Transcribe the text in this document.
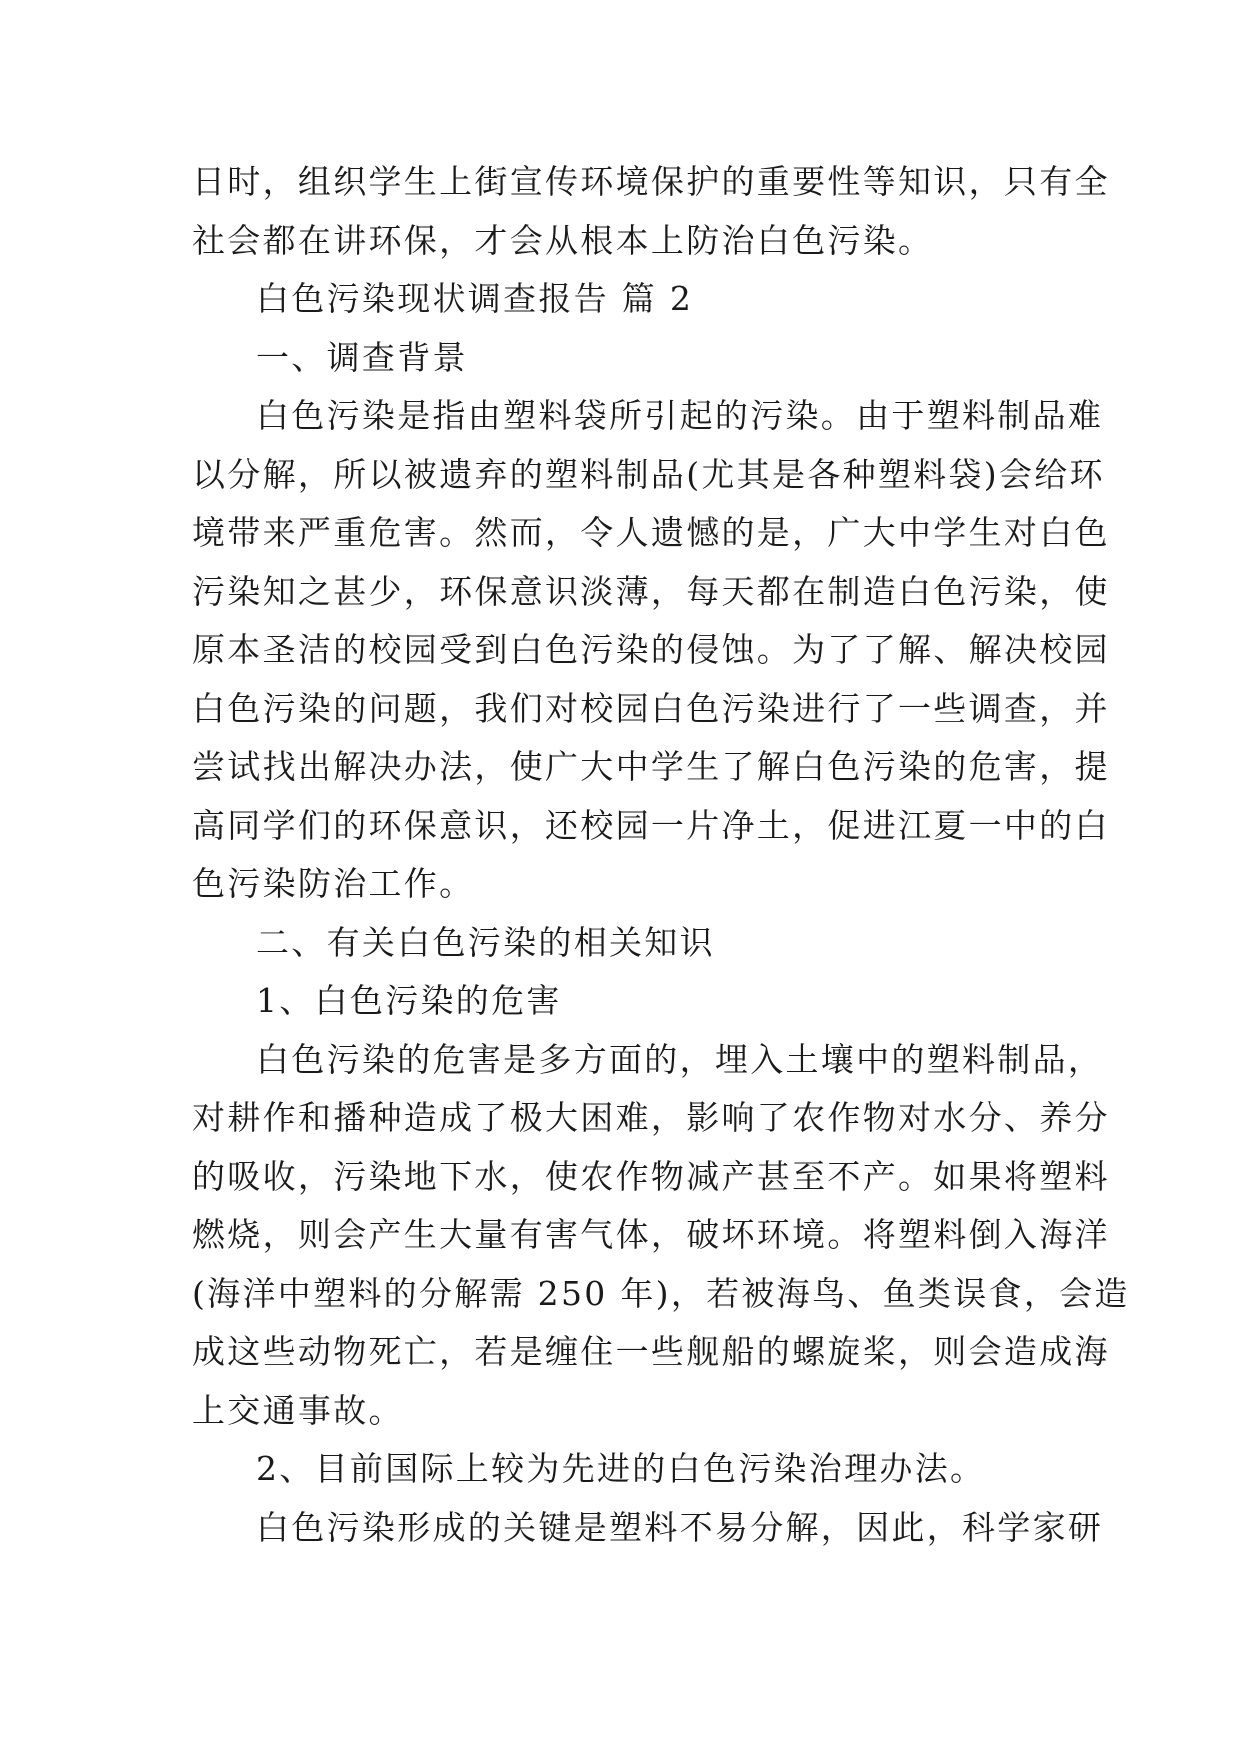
日时，组织学生上街宣传环境保护的重要性等知识，只有全
社会都在讲环保，才会从根本上防治白色污染。
白色污染现状调查报告 篇 2
一、调查背景
白色污染是指由塑料袋所引起的污染。由于塑料制品难
以分解，所以被遗弃的塑料制品(尤其是各种塑料袋)会给环
境带来严重危害。然而，令人遗憾的是，广大中学生对白色
污染知之甚少，环保意识淡薄，每天都在制造白色污染，使
原本圣洁的校园受到白色污染的侵蚀。为了了解、解决校园
白色污染的问题，我们对校园白色污染进行了一些调查，并
尝试找出解决办法，使广大中学生了解白色污染的危害，提
高同学们的环保意识，还校园一片净土，促进江夏一中的白
色污染防治工作。
二、有关白色污染的相关知识
1、白色污染的危害
白色污染的危害是多方面的，埋入土壤中的塑料制品，
对耕作和播种造成了极大困难，影响了农作物对水分、养分
的吸收，污染地下水，使农作物减产甚至不产。如果将塑料
燃烧，则会产生大量有害气体，破坏环境。将塑料倒入海洋
(海洋中塑料的分解需 250 年)，若被海鸟、鱼类误食，会造
成这些动物死亡，若是缠住一些舰船的螺旋桨，则会造成海
上交通事故。
2、目前国际上较为先进的白色污染治理办法。
白色污染形成的关键是塑料不易分解，因此，科学家研
